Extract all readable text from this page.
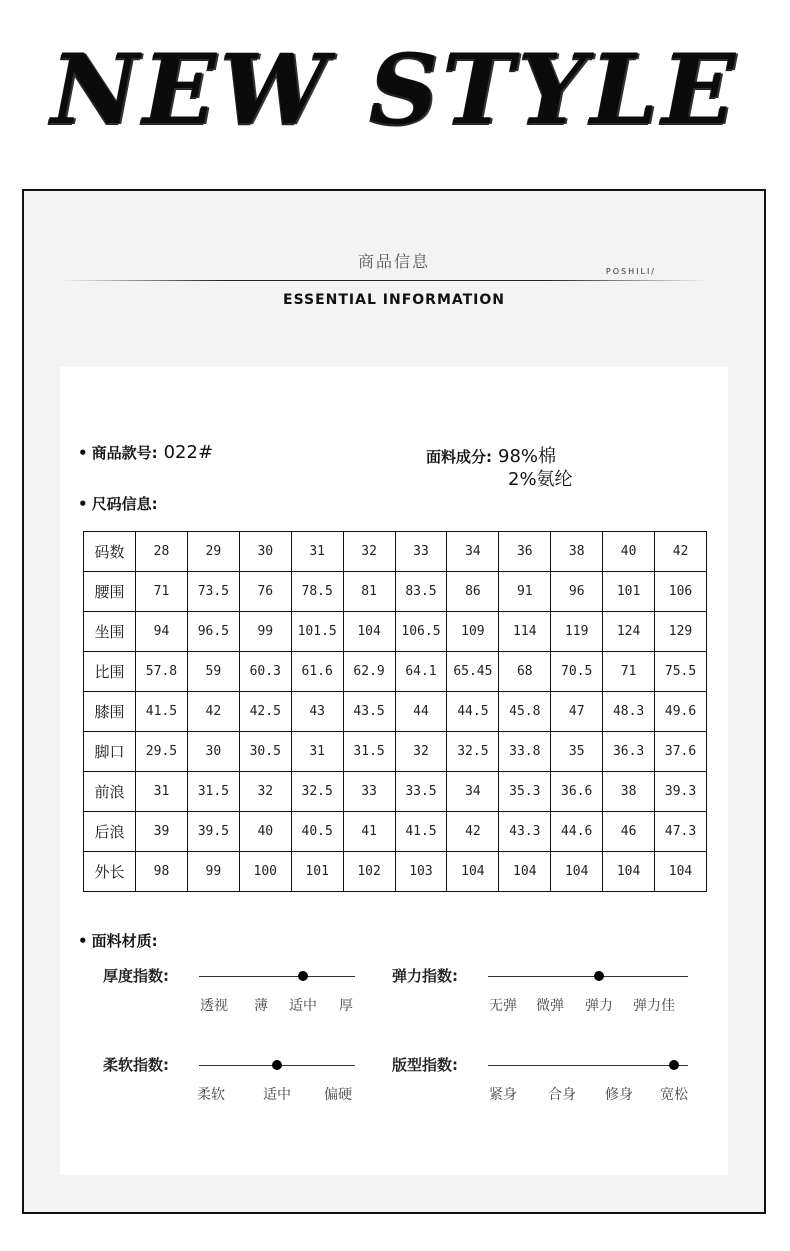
NEW STYLE
商品信息
POSHILI/
ESSENTIAL INFORMATION
• 商品款号: 022#	面料成分: 98%棉
2%氨纶
• 尺码信息:
码数	28	29	30	31	32	33	34	36	38	40	42
腰围	71	73.5	76	78.5	81	83.5	86	91	96	101	106
坐围	94	96.5	99	101.5	104	106.5	109	114	119	124	129
比围	57.8	59	60.3	61.6	62.9	64.1	65.45	68	70.5	71	75.5
膝围	41.5	42	42.5	43	43.5	44	44.5	45.8	47	48.3	49.6
脚口	29.5	30	30.5	31	31.5	32	32.5	33.8	35	36.3	37.6
前浪	31	31.5	32	32.5	33	33.5	34	35.3	36.6	38	39.3
后浪	39	39.5	40	40.5	41	41.5	42	43.3	44.6	46	47.3
外长	98	99	100	101	102	103	104	104	104	104	104
• 面料材质:
厚度指数:
透视 薄 适中 厚
弹力指数:
无弹 微弹 弹力 弹力佳
柔软指数:
柔软	适中 偏硬
版型指数:
紧身 合身 修身 宽松
